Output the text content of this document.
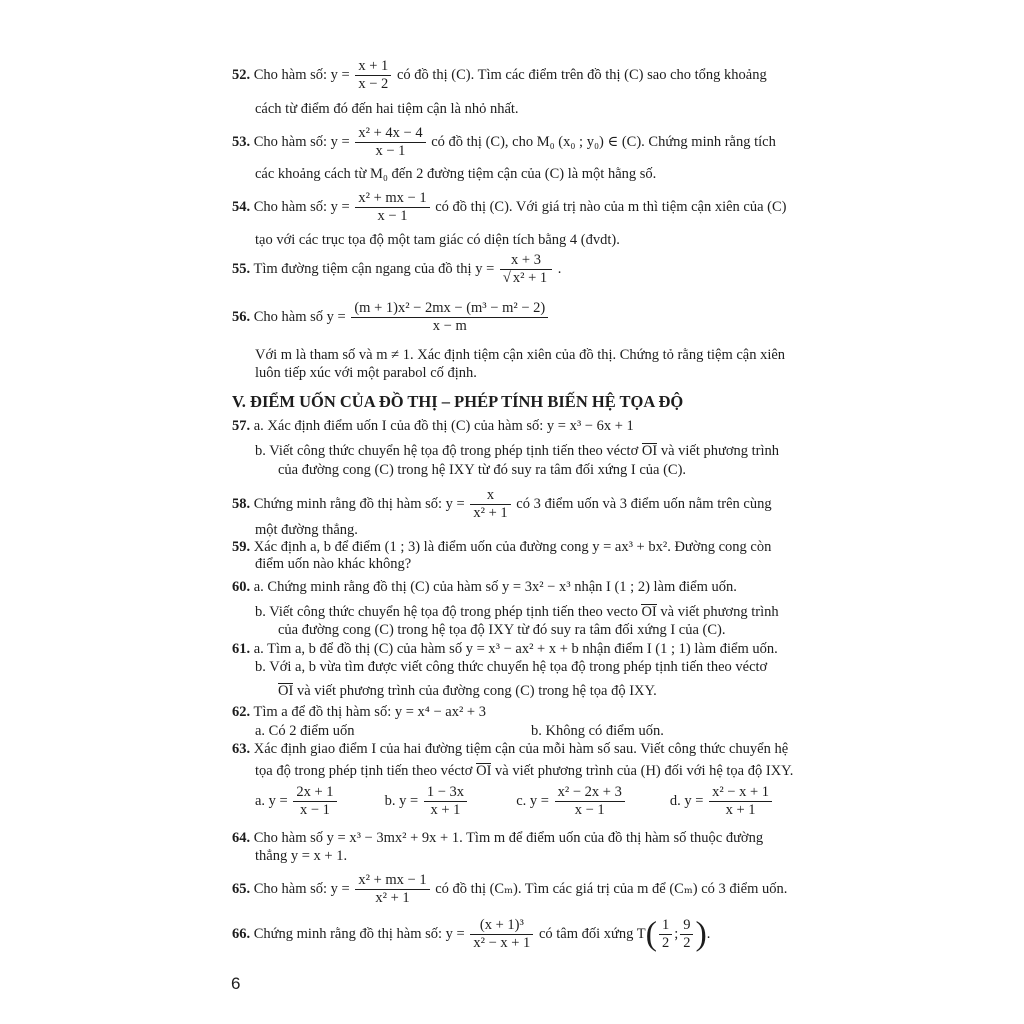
52. Cho hàm số: $y = \frac{x + 1}{x - 2}$ có đồ thị (C). Tìm các điểm trên đồ thị (C) sao cho tổng khoảng
cách từ điểm đó đến hai tiệm cận là nhỏ nhất.
53. Cho hàm số: $y = \frac{\text{x² + 4x − 4}}{x - 1}$ có đồ thị (C), cho M₀ (x₀ ; y₀) ∈ (C). Chứng minh rằng tích
các khoảng cách từ M₀ đến 2 đường tiệm cận của (C) là một hằng số.
54. Cho hàm số: $y = \frac{\text{x² + mx − 1}}{x - 1}$ có đồ thị (C). Với giá trị nào của m thì tiệm cận xiên của (C)
tạo với các trục tọa độ một tam giác có diện tích bằng 4 (đvdt).
55. Tìm đường tiệm cận ngang của đồ thị $y = \frac{x + 3}{\text{√ x² + 1}}$ .
56. Cho hàm số $y = \frac{\text{(m + 1)x² − 2mx − (m³ − m² − 2)}}{x - m}$
Với m là tham số và m ≠ 1. Xác định tiệm cận xiên của đồ thị. Chứng tỏ rằng tiệm cận xiên
luôn tiếp xúc với một parabol cố định.
V. ĐIỂM UỐN CỦA ĐỒ THỊ – PHÉP TÍNH BIẾN HỆ TỌA ĐỘ
57. a. Xác định điểm uốn I của đồ thị (C) của hàm số: y = x³ − 6x + 1
b. Viết công thức chuyển hệ tọa độ trong phép tịnh tiến theo véctơ OI và viết phương trình
của đường cong (C) trong hệ IXY từ đó suy ra tâm đối xứng I của (C).
58. Chứng minh rằng đồ thị hàm số: $y = \frac{x}{\text{x² + 1}}$ có 3 điểm uốn và 3 điểm uốn nằm trên cùng
một đường thẳng.
59. Xác định a, b để điểm (1 ; 3) là điểm uốn của đường cong y = ax³ + bx². Đường cong còn
điểm uốn nào khác không?
60. a. Chứng minh rằng đồ thị (C) của hàm số y = 3x² − x³ nhận I (1 ; 2) làm điểm uốn.
b. Viết công thức chuyển hệ tọa độ trong phép tịnh tiến theo vecto OI và viết phương trình
của đường cong (C) trong hệ tọa độ IXY từ đó suy ra tâm đối xứng I của (C).
61. a. Tìm a, b để đồ thị (C) của hàm số y = x³ − ax² + x + b nhận điểm I (1 ; 1) làm điểm uốn.
b. Với a, b vừa tìm được viết công thức chuyển hệ tọa độ trong phép tịnh tiến theo véctơ
OI và viết phương trình của đường cong (C) trong hệ tọa độ IXY.
62. Tìm a để đồ thị hàm số: y = x⁴ − ax² + 3
a. Có 2 điểm uốn	b. Không có điểm uốn.
63. Xác định giao điểm I của hai đường tiệm cận của mỗi hàm số sau. Viết công thức chuyển hệ
tọa độ trong phép tịnh tiến theo véctơ OI và viết phương trình của (H) đối với hệ tọa độ IXY.
a. $y = \frac{2x + 1}{x - 1}$	b. $y = \frac{1 - 3x}{x + 1}$	c. $y = \frac{\text{x² − 2x + 3}}{x - 1}$	d. $y = \frac{\text{x² − x + 1}}{x + 1}$
64. Cho hàm số y = x³ − 3mx² + 9x + 1. Tìm m để điểm uốn của đồ thị hàm số thuộc đường
thẳng y = x + 1.
65. Cho hàm số: $y = \frac{\text{x² + mx − 1}}{\text{x² + 1}}$ có đồ thị (Cₘ). Tìm các giá trị của m để (Cₘ) có 3 điểm uốn.
66. Chứng minh rằng đồ thị hàm số: $y = \frac{\text{(x + 1)³}}{\text{x² − x + 1}}$ có tâm đối xứng $T( \frac{1}{2}$ ; $\frac{9}{2}$ ).
6
